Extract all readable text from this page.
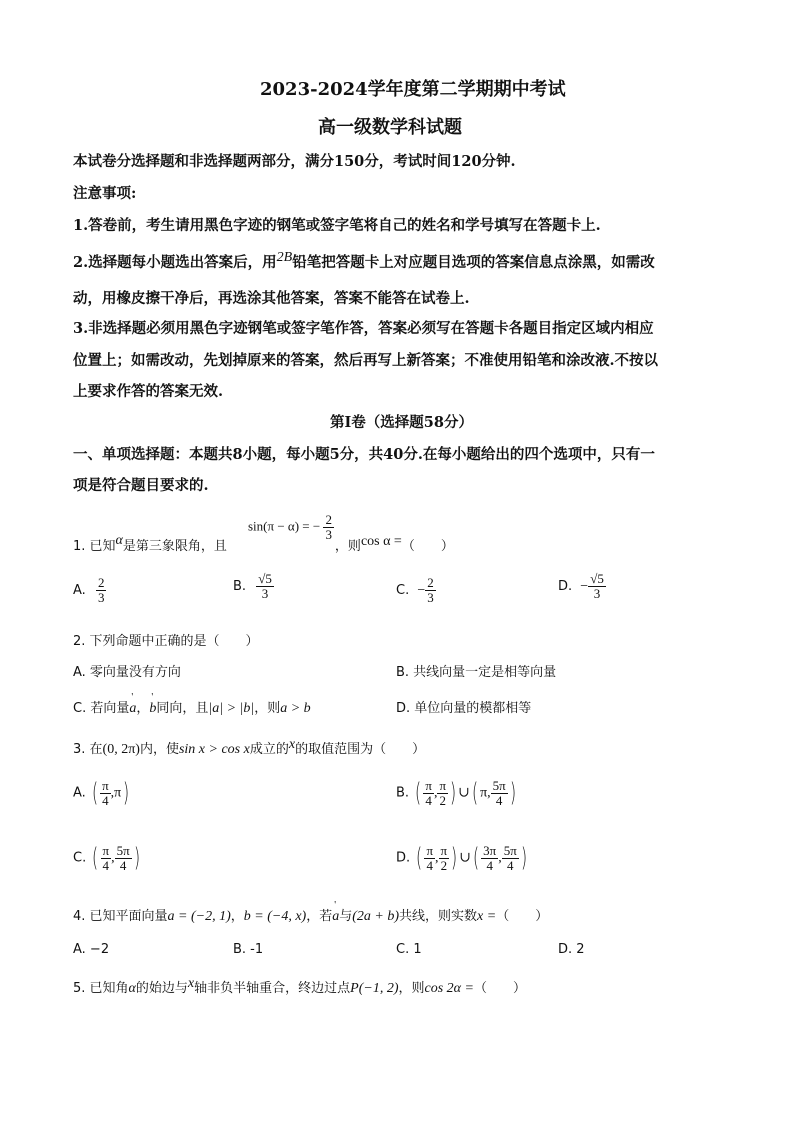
2023-2024学年度第二学期期中考试
高一级数学科试题
本试卷分选择题和非选择题两部分，满分150分，考试时间120分钟.
注意事项:
1.答卷前，考生请用黑色字迹的钢笔或签字笔将自己的姓名和学号填写在答题卡上.
2.选择题每小题选出答案后，用2B铅笔把答题卡上对应题目选项的答案信息点涂黑，如需改
动，用橡皮擦干净后，再选涂其他答案，答案不能答在试卷上.
3.非选择题必须用黑色字迹钢笔或签字笔作答，答案必须写在答题卡各题目指定区域内相应
位置上；如需改动，先划掉原来的答案，然后再写上新答案；不准使用铅笔和涂改液.不按以
上要求作答的答案无效.
第Ⅰ卷（选择题58分）
一、单项选择题：本题共8小题，每小题5分，共40分.在每小题给出的四个选项中，只有一
项是符合题目要求的.
sin(π − α) = − $\frac{2}{3}$
1. 已知α是第三象限角，且	，则cos α =（　　）
A. $\frac{2}{3}$	B. $\frac{√5}{3}$	C. − $\frac{2}{3}$	D. − $\frac{√5}{3}$
2. 下列命题中正确的是（　　）
A. 零向量没有方向	B. 共线向量一定是相等向量
C. 若向量' a，' b同向，且|a| > |b|，则a > b	D. 单位向量的模都相等
3. 在(0, 2π)内，使sin x > cos x成立的x的取值范围为（　　）
A. ( $\frac{\pi}{4} ,\pi$)	B. ( $\frac{\pi}{4}$ , $\frac{\pi}{2}$ ) ∪( π, $\frac{5\pi}{4}$ )
C. ( $\frac{\pi}{4}$ , $\frac{5\pi}{4}$ )	D. ( $\frac{\pi}{4}$ , $\frac{\pi}{2}$ ) ∪( $\frac{3\pi}{4}$ , $\frac{5\pi}{4}$ )
4. 已知平面向量a = (−2, 1)，b = (−4, x)，若' a与(2a + b)共线，则实数x =（　　）
A. −2	B. -1	C. 1	D. 2
5. 已知角α的始边与x轴非负半轴重合，终边过点P(−1, 2)，则cos 2α =（　　）
